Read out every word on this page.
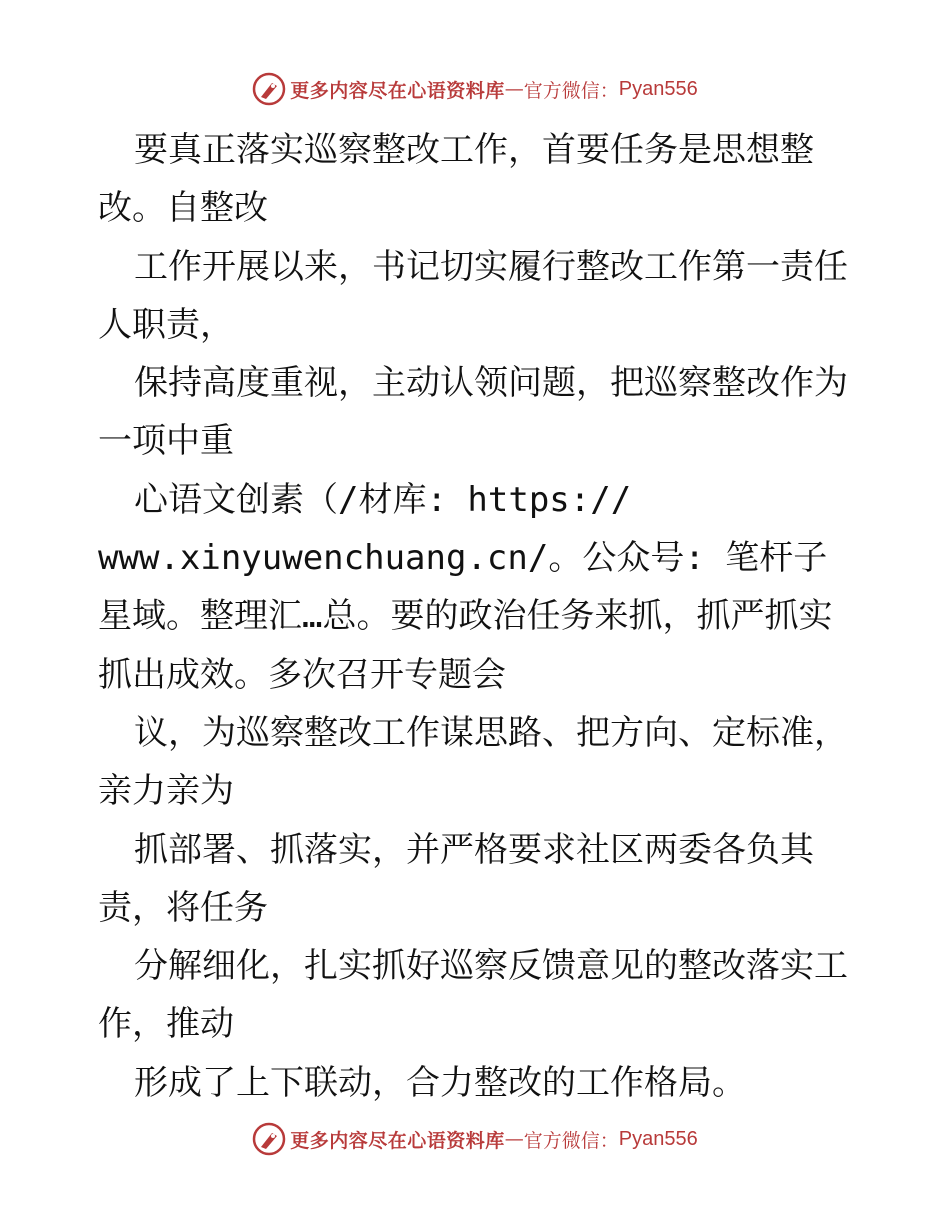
更多内容尽在心语资料库 — 官方微信： Pyan556

要真正落实巡察整改工作，首要任务是思想整改。自整改

工作开展以来，书记切实履行整改工作第一责任人职责，

保持高度重视，主动认领问题，把巡察整改作为一项中重

心语文创素（/材库: https://

www.xinyuwenchuang.cn/。公众号: 笔杆子星域。整理汇…总。要的政治任务来抓，抓严抓实抓出成效。多次召开专题会

议，为巡察整改工作谋思路、把方向、定标准，亲力亲为

抓部署、抓落实，并严格要求社区两委各负其责，将任务

分解细化，扎实抓好巡察反馈意见的整改落实工作，推动

形成了上下联动，合力整改的工作格局。

更多内容尽在心语资料库 — 官方微信： Pyan556
